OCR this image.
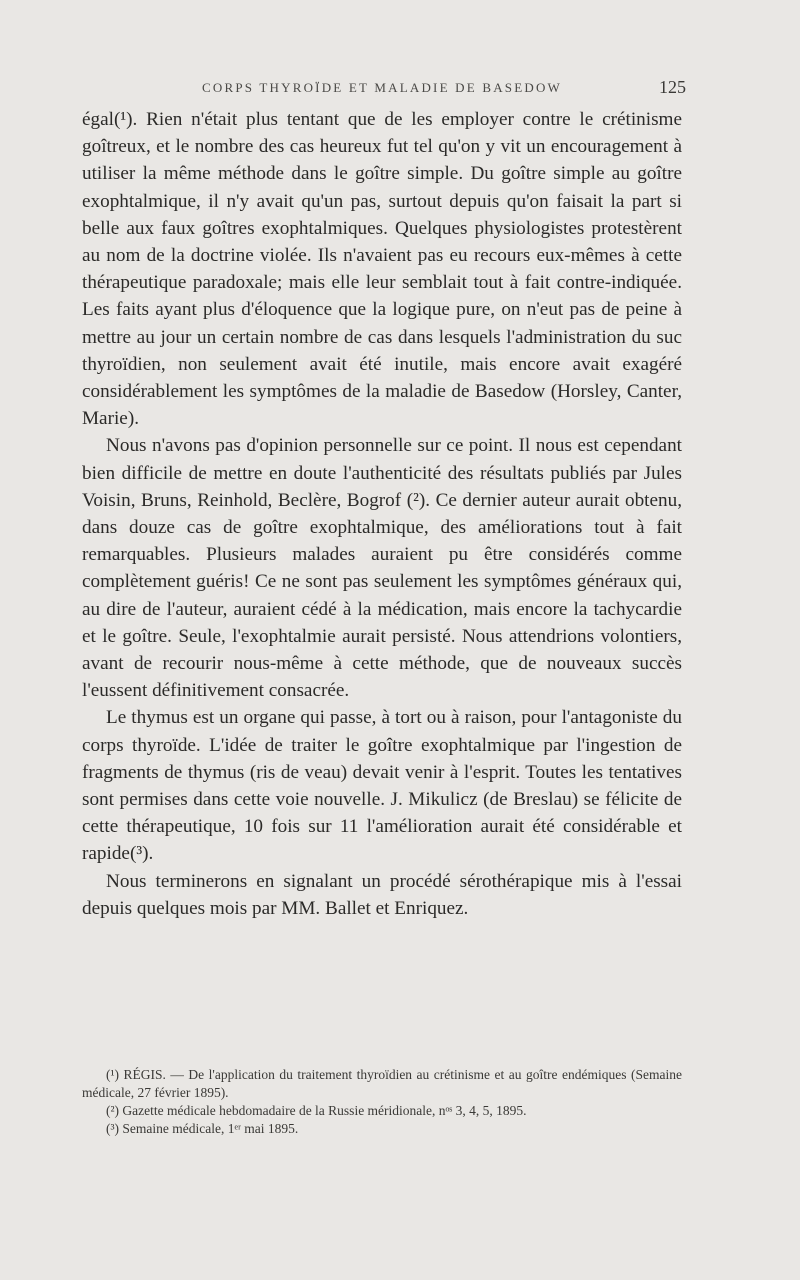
CORPS THYROÏDE ET MALADIE DE BASEDOW	125

égal(¹). Rien n'était plus tentant que de les employer contre le crétinisme goîtreux, et le nombre des cas heureux fut tel qu'on y vit un encouragement à utiliser la même méthode dans le goître simple. Du goître simple au goître exophtalmique, il n'y avait qu'un pas, surtout depuis qu'on faisait la part si belle aux faux goîtres exophtalmiques. Quelques physiologistes protestèrent au nom de la doctrine violée. Ils n'avaient pas eu recours eux-mêmes à cette thérapeutique paradoxale; mais elle leur semblait tout à fait contre-indiquée. Les faits ayant plus d'éloquence que la logique pure, on n'eut pas de peine à mettre au jour un certain nombre de cas dans lesquels l'administration du suc thyroïdien, non seulement avait été inutile, mais encore avait exagéré considérablement les symptômes de la maladie de Basedow (Horsley, Canter, Marie).

Nous n'avons pas d'opinion personnelle sur ce point. Il nous est cependant bien difficile de mettre en doute l'authenticité des résultats publiés par Jules Voisin, Bruns, Reinhold, Beclère, Bogrof (²). Ce dernier auteur aurait obtenu, dans douze cas de goître exophtalmique, des améliorations tout à fait remarquables. Plusieurs malades auraient pu être considérés comme complètement guéris! Ce ne sont pas seulement les symptômes généraux qui, au dire de l'auteur, auraient cédé à la médication, mais encore la tachycardie et le goître. Seule, l'exophtalmie aurait persisté. Nous attendrions volontiers, avant de recourir nous-même à cette méthode, que de nouveaux succès l'eussent définitivement consacrée.

Le thymus est un organe qui passe, à tort ou à raison, pour l'antagoniste du corps thyroïde. L'idée de traiter le goître exophtalmique par l'ingestion de fragments de thymus (ris de veau) devait venir à l'esprit. Toutes les tentatives sont permises dans cette voie nouvelle. J. Mikulicz (de Breslau) se félicite de cette thérapeutique, 10 fois sur 11 l'amélioration aurait été considérable et rapide(³).

Nous terminerons en signalant un procédé sérothérapique mis à l'essai depuis quelques mois par MM. Ballet et Enriquez.

(¹) RÉGIS. — De l'application du traitement thyroïdien au crétinisme et au goître endémiques (Semaine médicale, 27 février 1895).

(²) Gazette médicale hebdomadaire de la Russie méridionale, nᵒˢ 3, 4, 5, 1895.

(³) Semaine médicale, 1ᵉʳ mai 1895.
